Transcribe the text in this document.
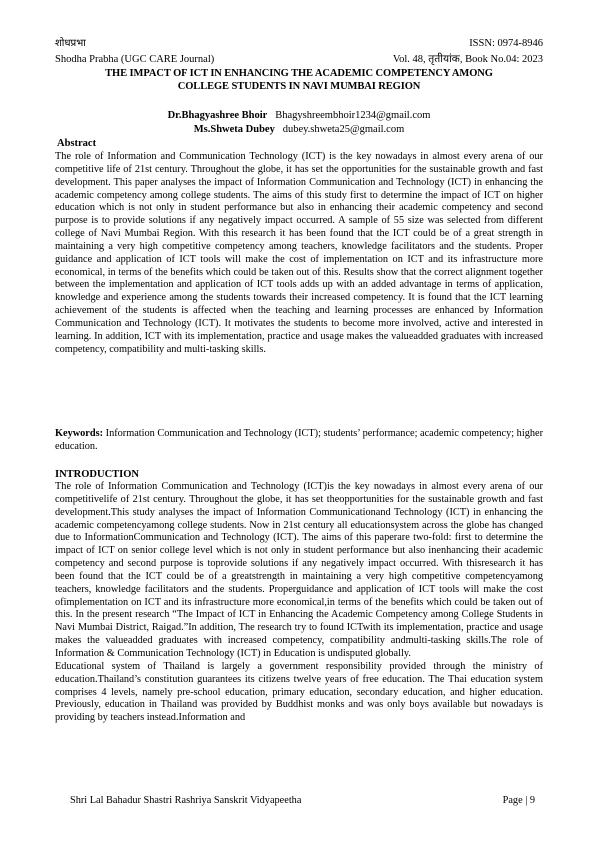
शोधप्रभा	ISSN: 0974-8946
Shodha Prabha (UGC CARE Journal)	Vol. 48, तृतीयांक, Book No.04: 2023
THE IMPACT OF ICT IN ENHANCING THE ACADEMIC COMPETENCY AMONG
COLLEGE STUDENTS IN NAVI MUMBAI REGION
Dr.Bhagyashree Bhoir Bhagyshreembhoir1234@gmail.com
Ms.Shweta Dubey dubey.shweta25@gmail.com
Abstract
The role of Information and Communication Technology (ICT) is the key nowadays in almost every arena of our competitive life of 21st century. Throughout the globe, it has set the opportunities for the sustainable growth and fast development. This paper analyses the impact of Information Communication and Technology (ICT) in enhancing the academic competency among college students. The aims of this study first to determine the impact of ICT on higher education which is not only in student performance but also in enhancing their academic competency and second purpose is to provide solutions if any negatively impact occurred. A sample of 55 size was selected from different college of Navi Mumbai Region. With this research it has been found that the ICT could be of a great strength in maintaining a very high competitive competency among teachers, knowledge facilitators and the students. Proper guidance and application of ICT tools will make the cost of implementation on ICT and its infrastructure more economical, in terms of the benefits which could be taken out of this. Results show that the correct alignment together between the implementation and application of ICT tools adds up with an added advantage in terms of application, knowledge and experience among the students towards their increased competency. It is found that the ICT learning achievement of the students is affected when the teaching and learning processes are enhanced by Information Communication and Technology (ICT). It motivates the students to become more involved, active and interested in learning. In addition, ICT with its implementation, practice and usage makes the valueadded graduates with increased competency, compatibility and multi-tasking skills.
Keywords: Information Communication and Technology (ICT); students’ performance; academic competency; higher education.
INTRODUCTION

The role of Information Communication and Technology (ICT)is the key nowadays in almost every arena of our competitivelife of 21st century. Throughout the globe, it has set theopportunities for the sustainable growth and fast development.This study analyses the impact of Information Communicationand Technology (ICT) in enhancing the academic competencyamong college students. Now in 21st century all educationsystem across the globe has changed due to InformationCommunication and Technology (ICT). The aims of this paperare two-fold: first to determine the impact of ICT on senior college level which is not only in student performance but also inenhancing their academic competency and second purpose is toprovide solutions if any negatively impact occurred. With thisresearch it has been found that the ICT could be of a greatstrength in maintaining a very high competitive competencyamong teachers, knowledge facilitators and the students. Properguidance and application of ICT tools will make the cost ofimplementation on ICT and its infrastructure more economical,in terms of the benefits which could be taken out of this. In the present research “The Impact of ICT in Enhancing the Academic Competency among College Students in Navi Mumbai District, Raigad.”In addition, The research try to found ICTwith its implementation, practice and usage makes the valueadded graduates with increased competency, compatibility andmulti-tasking skills.The role of Information & Communication Technology (ICT) in Education is undisputed globally.

Educational system of Thailand is largely a government responsibility provided through the ministry of education.Thailand’s constitution guarantees its citizens twelve years of free education. The Thai education system comprises 4 levels, namely pre-school education, primary education, secondary education, and higher education. Previously, education in Thailand was provided by Buddhist monks and was only boys available but nowadays is providing by teachers instead.Information and

Shri Lal Bahadur Shastri Rashriya Sanskrit Vidyapeetha	Page | 9
